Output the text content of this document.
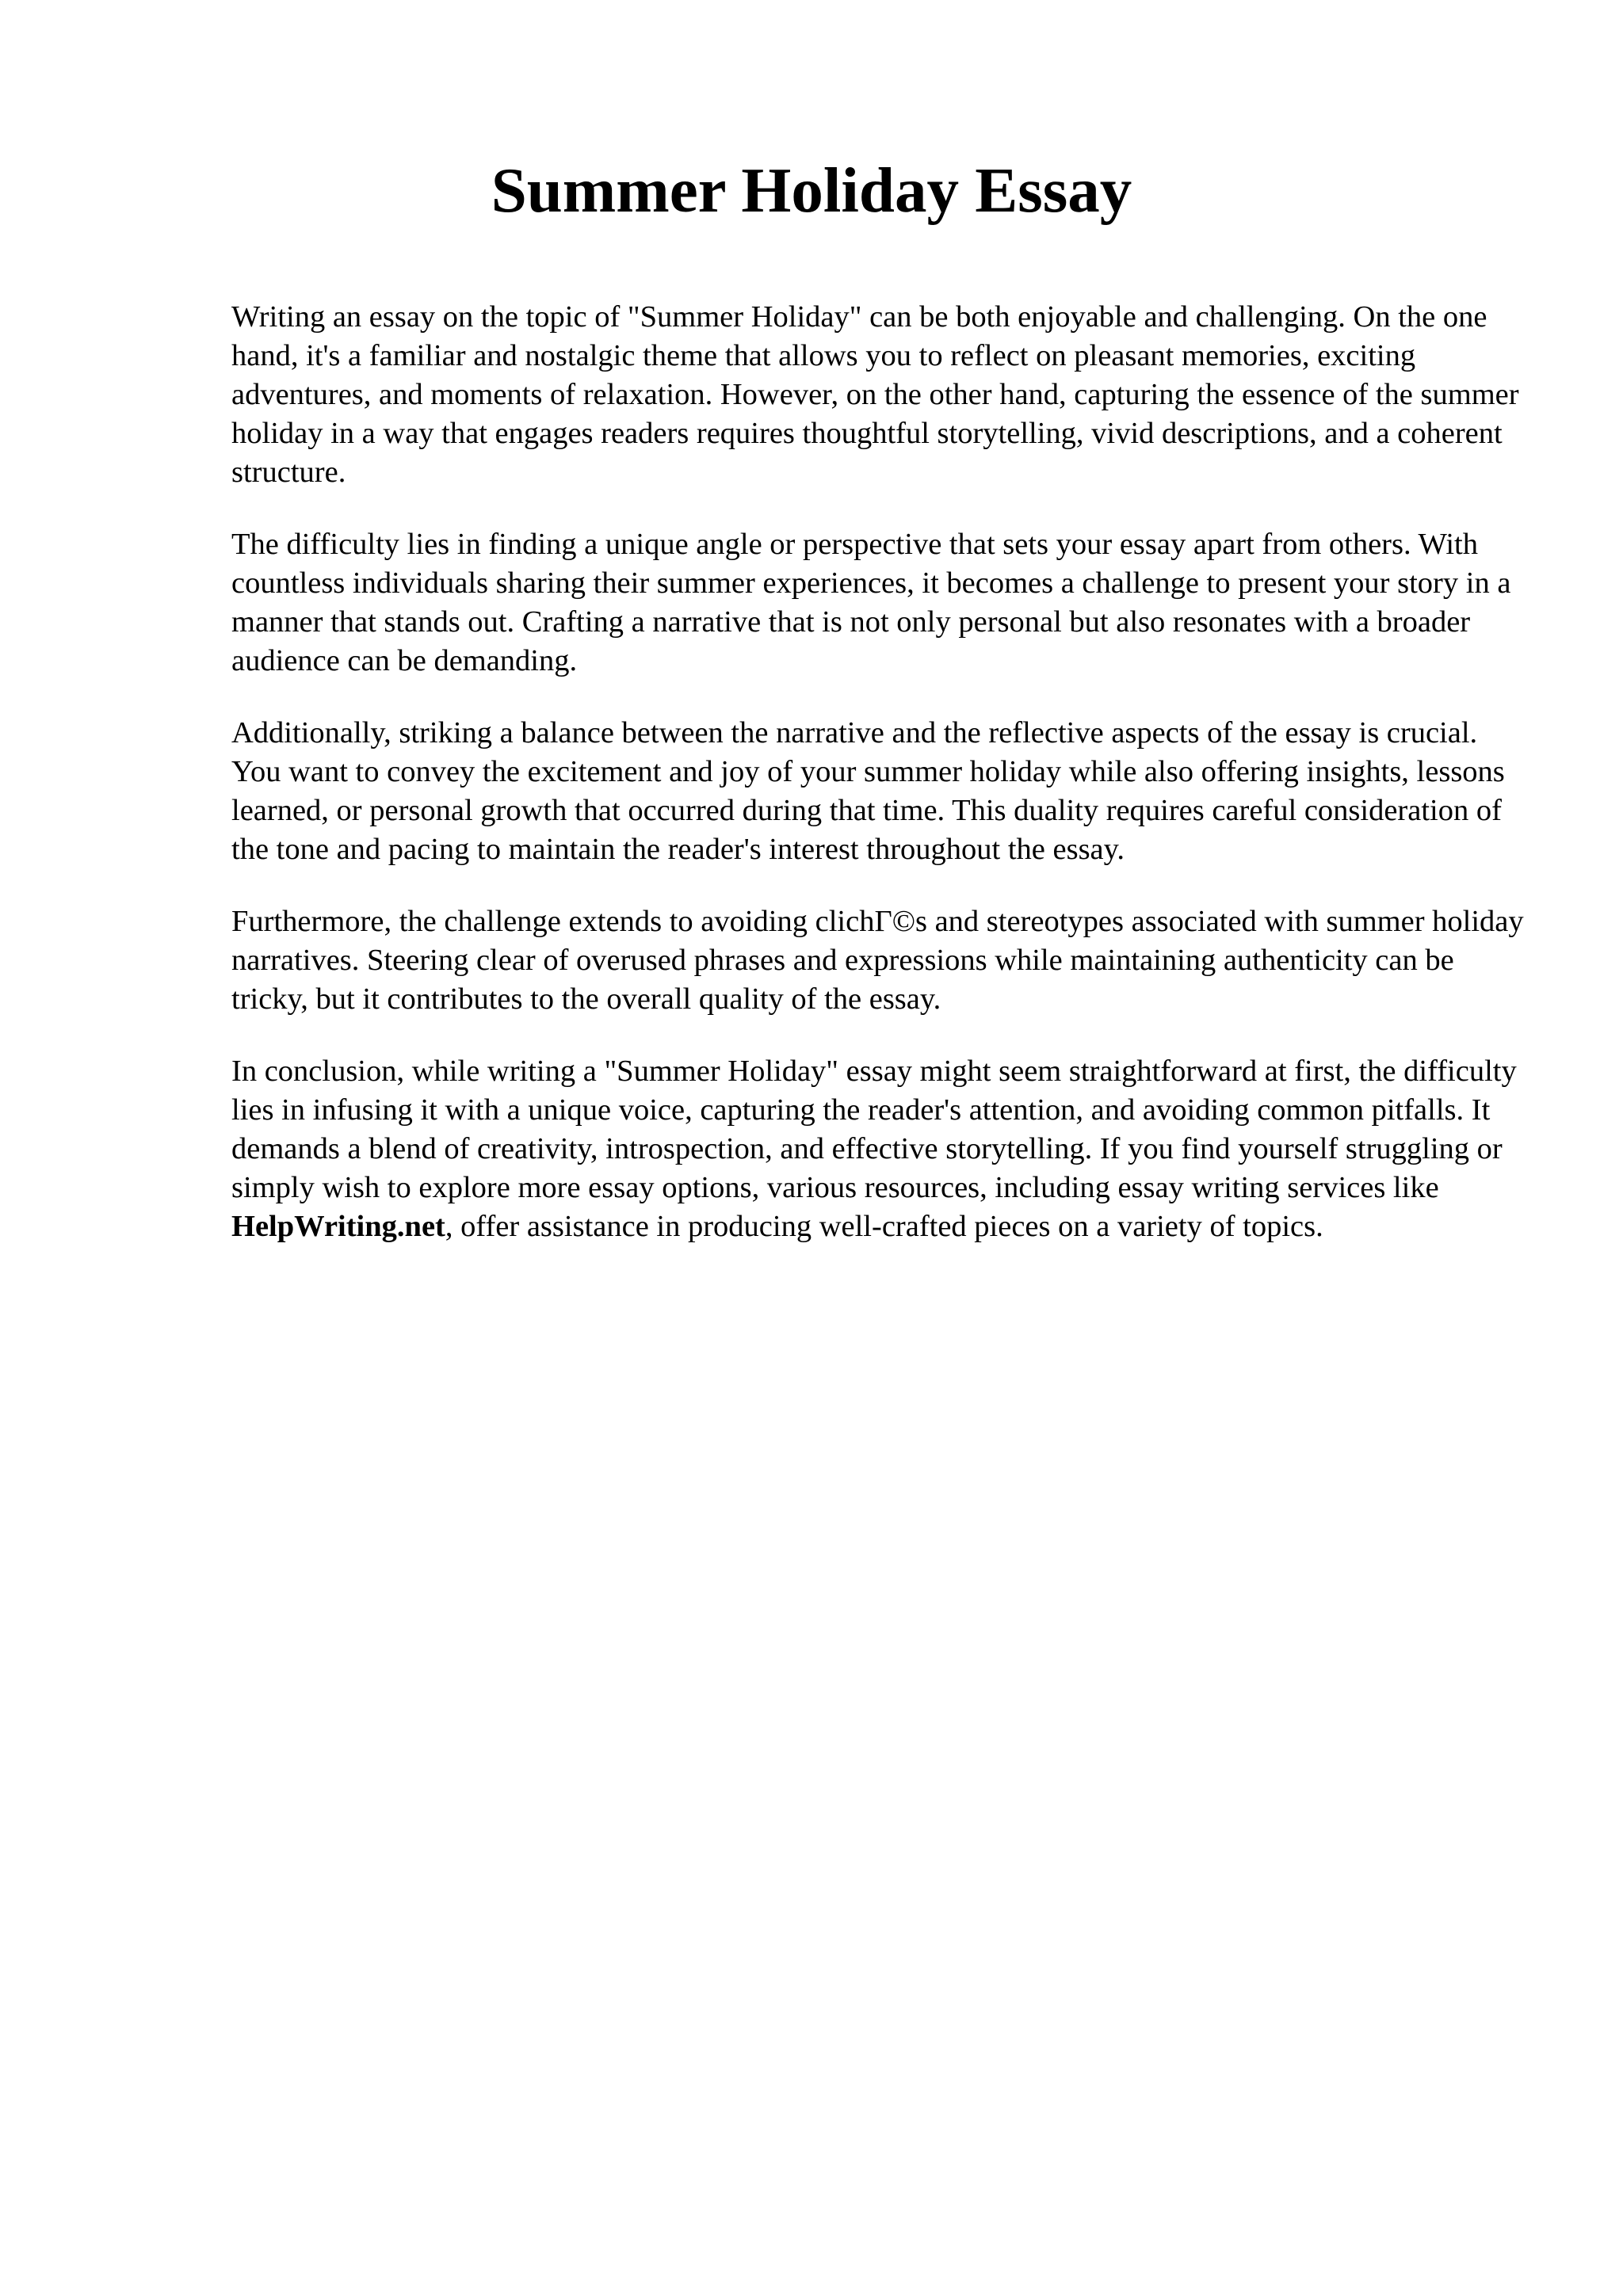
Summer Holiday Essay

Writing an essay on the topic of "Summer Holiday" can be both enjoyable and challenging. On the one hand, it's a familiar and nostalgic theme that allows you to reflect on pleasant memories, exciting adventures, and moments of relaxation. However, on the other hand, capturing the essence of the summer holiday in a way that engages readers requires thoughtful storytelling, vivid descriptions, and a coherent structure.

The difficulty lies in finding a unique angle or perspective that sets your essay apart from others. With countless individuals sharing their summer experiences, it becomes a challenge to present your story in a manner that stands out. Crafting a narrative that is not only personal but also resonates with a broader audience can be demanding.

Additionally, striking a balance between the narrative and the reflective aspects of the essay is crucial. You want to convey the excitement and joy of your summer holiday while also offering insights, lessons learned, or personal growth that occurred during that time. This duality requires careful consideration of the tone and pacing to maintain the reader's interest throughout the essay.

Furthermore, the challenge extends to avoiding clichΓ©s and stereotypes associated with summer holiday narratives. Steering clear of overused phrases and expressions while maintaining authenticity can be tricky, but it contributes to the overall quality of the essay.

In conclusion, while writing a "Summer Holiday" essay might seem straightforward at first, the difficulty lies in infusing it with a unique voice, capturing the reader's attention, and avoiding common pitfalls. It demands a blend of creativity, introspection, and effective storytelling. If you find yourself struggling or simply wish to explore more essay options, various resources, including essay writing services like HelpWriting.net, offer assistance in producing well-crafted pieces on a variety of topics.
